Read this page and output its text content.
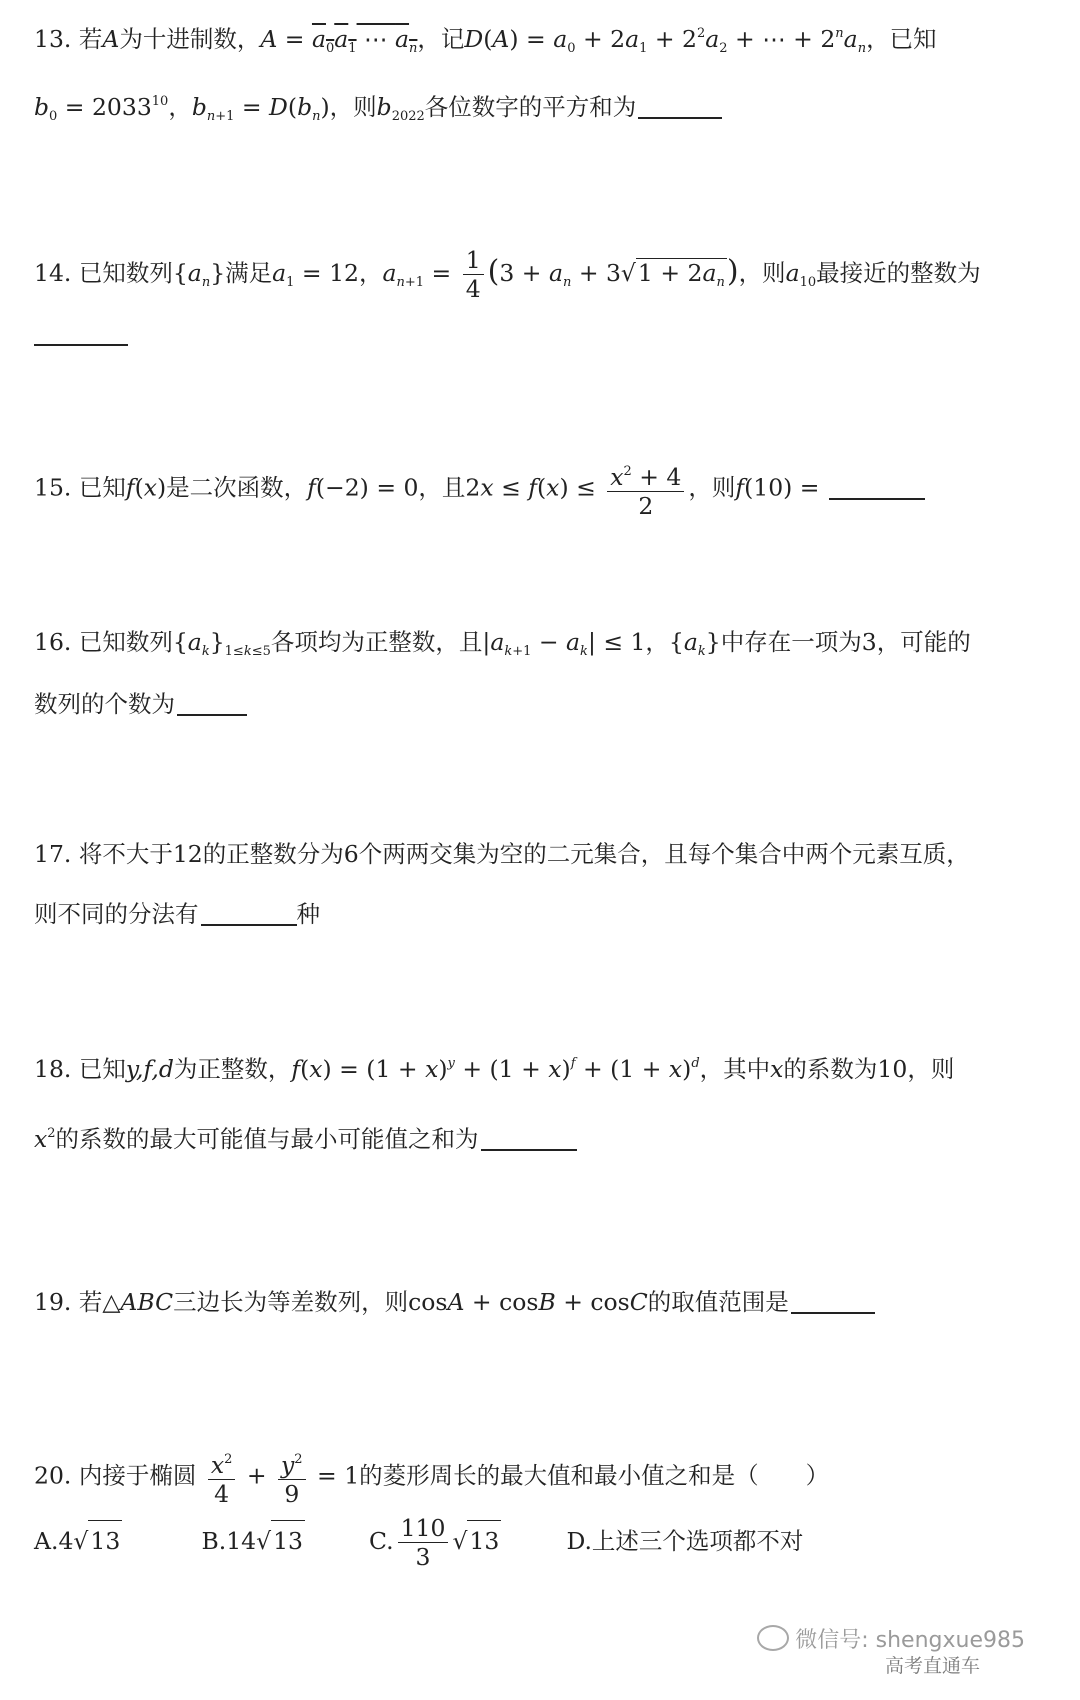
13. 若A为十进制数，$A = a_0a_1$ ⋯ $a_n$，记$D(A) = a_0 + 2a_1 + 2^2a_2$ + ⋯ + $2^na_n$，已知
$b_0 = 2033^{10}$，$b_{n+1} = D(b_n)$，则$b_{2022}$各位数字的平方和为
14. 已知数列$\{a_n\}$满足$a_1 = 12$，$a_{n+1} = \frac{1}{4} (3 + a_n + 3√1 + 2a_n)$，则$a_{10}$最接近的整数为
15. 已知f(x)是二次函数，f(−2) = 0，且$2x \le f(x) \le \frac{x^2 + 4}{2}$ ，则f(10) =
16. 已知数列$\{a_k\}_{1\le k\le 5}$各项均为正整数，且$|a_{k+1} - a_k| \le 1$，$\{a_k\}$中存在一项为3，可能的
数列的个数为
17. 将不大于12的正整数分为6个两两交集为空的二元集合，且每个集合中两个元素互质，
则不同的分法有	种
18. 已知y,f,d为正整数，$f(x) = (1 + x)^y + (1 + x)^f + (1 + x)^d$，其中x的系数为10，则
$x^2$的系数的最大可能值与最小可能值之和为
19. 若△ABC三边长为等差数列，则cosA + cosB + cosC的取值范围是
20. 内接于椭圆 $\frac{x^2}{4} + \frac{y^2}{9} = 1$的菱形周长的最大值和最小值之和是（　　）
A.4√13	B.14√13	C. $\frac{110}{3} √13$	D.上述三个选项都不对
微信号: shengxue985
高考直通车
